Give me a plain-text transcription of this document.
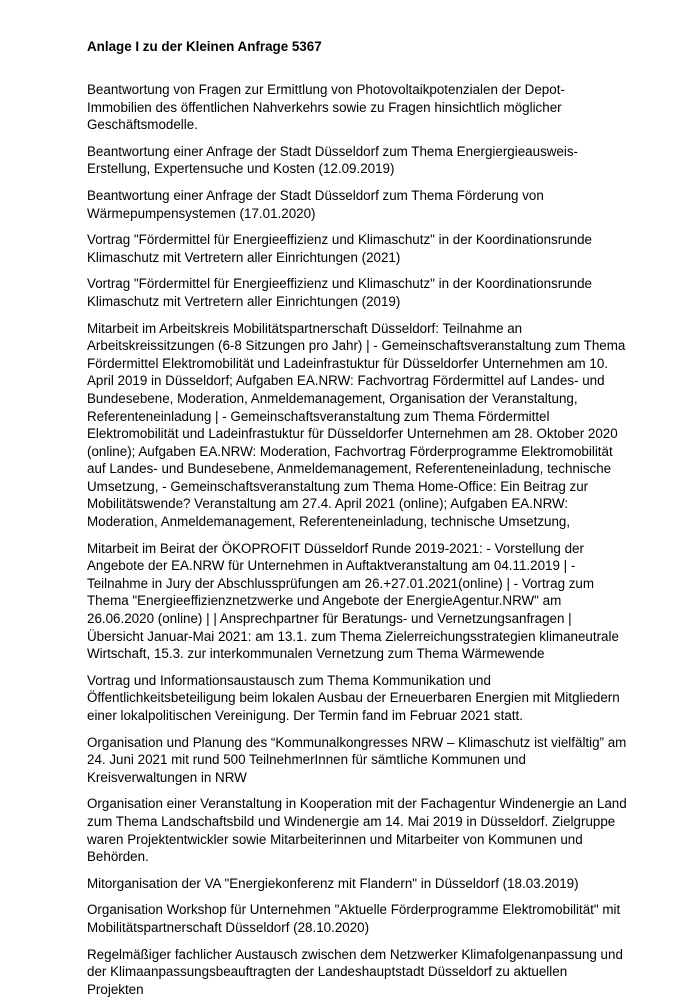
Anlage I zu der Kleinen Anfrage 5367

Beantwortung von Fragen zur Ermittlung von Photovoltaikpotenzialen der Depot-Immobilien des öffentlichen Nahverkehrs sowie zu Fragen hinsichtlich möglicher Geschäftsmodelle.

Beantwortung einer Anfrage der Stadt Düsseldorf zum Thema Energiergieausweis-Erstellung, Expertensuche und Kosten (12.09.2019)

Beantwortung einer Anfrage der Stadt Düsseldorf zum Thema Förderung von Wärmepumpensystemen (17.01.2020)

Vortrag "Fördermittel für Energieeffizienz und Klimaschutz" in der Koordinationsrunde Klimaschutz mit Vertretern aller Einrichtungen (2021)

Vortrag "Fördermittel für Energieeffizienz und Klimaschutz" in der Koordinationsrunde Klimaschutz mit Vertretern aller Einrichtungen (2019)

Mitarbeit im Arbeitskreis Mobilitätspartnerschaft Düsseldorf: Teilnahme an Arbeitskreissitzungen (6-8 Sitzungen pro Jahr) | - Gemeinschaftsveranstaltung zum Thema Fördermittel Elektromobilität und Ladeinfrastuktur für Düsseldorfer Unternehmen am 10. April 2019 in Düsseldorf; Aufgaben EA.NRW: Fachvortrag Fördermittel auf Landes- und Bundesebene, Moderation, Anmeldemanagement, Organisation der Veranstaltung, Referenteneinladung | - Gemeinschaftsveranstaltung zum Thema Fördermittel Elektromobilität und Ladeinfrastuktur für Düsseldorfer Unternehmen am 28. Oktober 2020 (online); Aufgaben EA.NRW: Moderation, Fachvortrag Förderprogramme Elektromobilität auf Landes- und Bundesebene, Anmeldemanagement, Referenteneinladung, technische Umsetzung, - Gemeinschaftsveranstaltung zum Thema Home-Office: Ein Beitrag zur Mobilitätswende? Veranstaltung am 27.4. April 2021 (online); Aufgaben EA.NRW: Moderation, Anmeldemanagement, Referenteneinladung, technische Umsetzung,

Mitarbeit im Beirat der ÖKOPROFIT Düsseldorf Runde 2019-2021: - Vorstellung der Angebote der EA.NRW für Unternehmen in Auftaktveranstaltung am 04.11.2019 | - Teilnahme in Jury der Abschlussprüfungen am 26.+27.01.2021(online) | - Vortrag zum Thema "Energieeffizienznetzwerke und Angebote der EnergieAgentur.NRW" am 26.06.2020 (online) | | Ansprechpartner für Beratungs- und Vernetzungsanfragen | Übersicht Januar-Mai 2021: am 13.1. zum Thema Zielerreichungsstrategien klimaneutrale Wirtschaft, 15.3. zur interkommunalen Vernetzung zum Thema Wärmewende

Vortrag und Informationsaustausch zum Thema Kommunikation und Öffentlichkeitsbeteiligung beim lokalen Ausbau der Erneuerbaren Energien mit Mitgliedern einer lokalpolitischen Vereinigung. Der Termin fand im Februar 2021 statt.

Organisation und Planung des “Kommunalkongresses NRW – Klimaschutz ist vielfältig” am 24. Juni 2021 mit rund 500 TeilnehmerInnen für sämtliche Kommunen und Kreisverwaltungen in NRW

Organisation einer Veranstaltung in Kooperation mit der Fachagentur Windenergie an Land zum Thema Landschaftsbild und Windenergie am 14. Mai 2019 in Düsseldorf. Zielgruppe waren Projektentwickler sowie Mitarbeiterinnen und Mitarbeiter von Kommunen und Behörden.

Mitorganisation der VA "Energiekonferenz mit Flandern" in Düsseldorf (18.03.2019)

Organisation Workshop für Unternehmen "Aktuelle Förderprogramme Elektromobilität" mit Mobilitätspartnerschaft Düsseldorf (28.10.2020)

Regelmäßiger fachlicher Austausch zwischen dem Netzwerker Klimafolgenanpassung und der Klimaanpassungsbeauftragten der Landeshauptstadt Düsseldorf zu aktuellen Projekten
